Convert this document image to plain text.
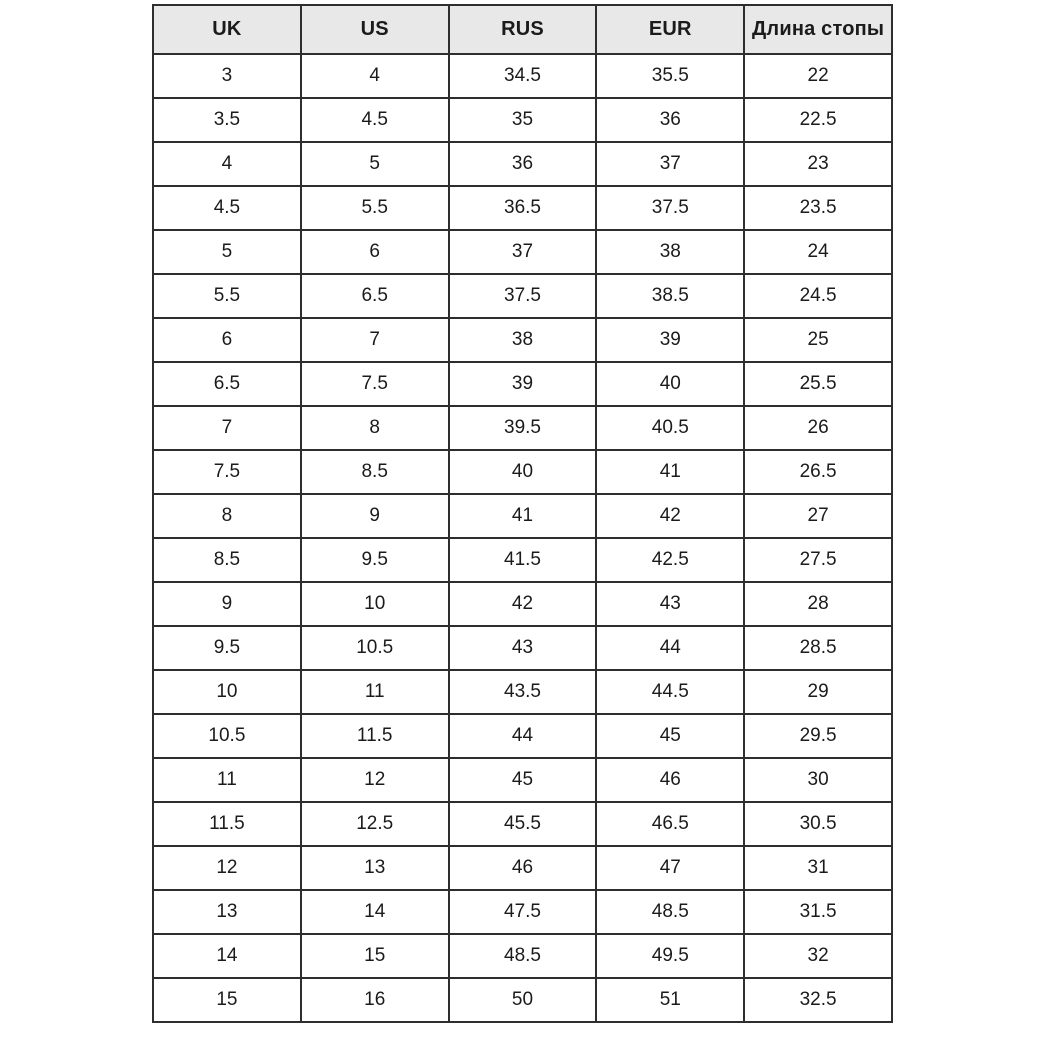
UK	US	RUS	EUR	Длина стопы
3	4	34.5	35.5	22
3.5	4.5	35	36	22.5
4	5	36	37	23
4.5	5.5	36.5	37.5	23.5
5	6	37	38	24
5.5	6.5	37.5	38.5	24.5
6	7	38	39	25
6.5	7.5	39	40	25.5
7	8	39.5	40.5	26
7.5	8.5	40	41	26.5
8	9	41	42	27
8.5	9.5	41.5	42.5	27.5
9	10	42	43	28
9.5	10.5	43	44	28.5
10	11	43.5	44.5	29
10.5	11.5	44	45	29.5
11	12	45	46	30
11.5	12.5	45.5	46.5	30.5
12	13	46	47	31
13	14	47.5	48.5	31.5
14	15	48.5	49.5	32
15	16	50	51	32.5
